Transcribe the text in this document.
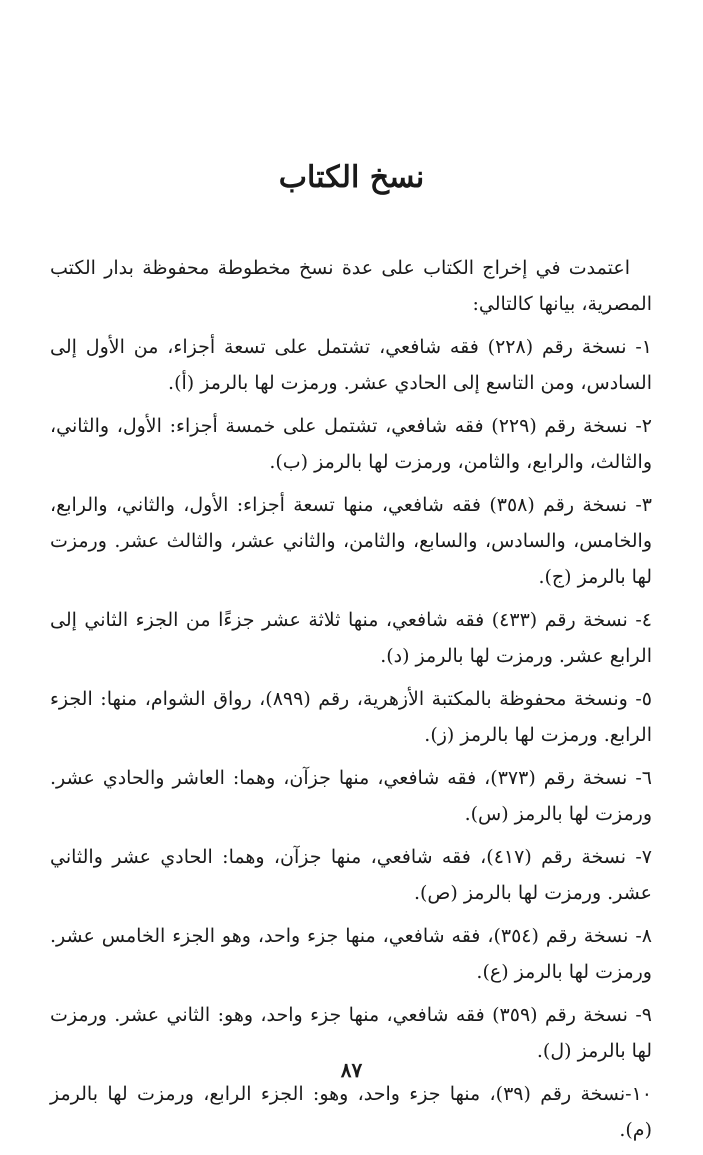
نسخ الكتاب

اعتمدت في إخراج الكتاب على عدة نسخ مخطوطة محفوظة بدار الكتب المصرية، بيانها كالتالي:

١- نسخة رقم (٢٢٨) فقه شافعي، تشتمل على تسعة أجزاء، من الأول إلى السادس، ومن التاسع إلى الحادي عشر. ورمزت لها بالرمز (أ).

٢- نسخة رقم (٢٢٩) فقه شافعي، تشتمل على خمسة أجزاء: الأول، والثاني، والثالث، والرابع، والثامن، ورمزت لها بالرمز (ب).

٣- نسخة رقم (٣٥٨) فقه شافعي، منها تسعة أجزاء: الأول، والثاني، والرابع، والخامس، والسادس، والسابع، والثامن، والثاني عشر، والثالث عشر. ورمزت لها بالرمز (ج).

٤- نسخة رقم (٤٣٣) فقه شافعي، منها ثلاثة عشر جزءًا من الجزء الثاني إلى الرابع عشر. ورمزت لها بالرمز (د).

٥- ونسخة محفوظة بالمكتبة الأزهرية، رقم (٨٩٩)، رواق الشوام، منها: الجزء الرابع. ورمزت لها بالرمز (ز).

٦- نسخة رقم (٣٧٣)، فقه شافعي، منها جزآن، وهما: العاشر والحادي عشر. ورمزت لها بالرمز (س).

٧- نسخة رقم (٤١٧)، فقه شافعي، منها جزآن، وهما: الحادي عشر والثاني عشر. ورمزت لها بالرمز (ص).

٨- نسخة رقم (٣٥٤)، فقه شافعي، منها جزء واحد، وهو الجزء الخامس عشر. ورمزت لها بالرمز (ع).

٩- نسخة رقم (٣٥٩) فقه شافعي، منها جزء واحد، وهو: الثاني عشر. ورمزت لها بالرمز (ل).

١٠-نسخة رقم (٣٩)، منها جزء واحد، وهو: الجزء الرابع، ورمزت لها بالرمز (م).

٨٧
